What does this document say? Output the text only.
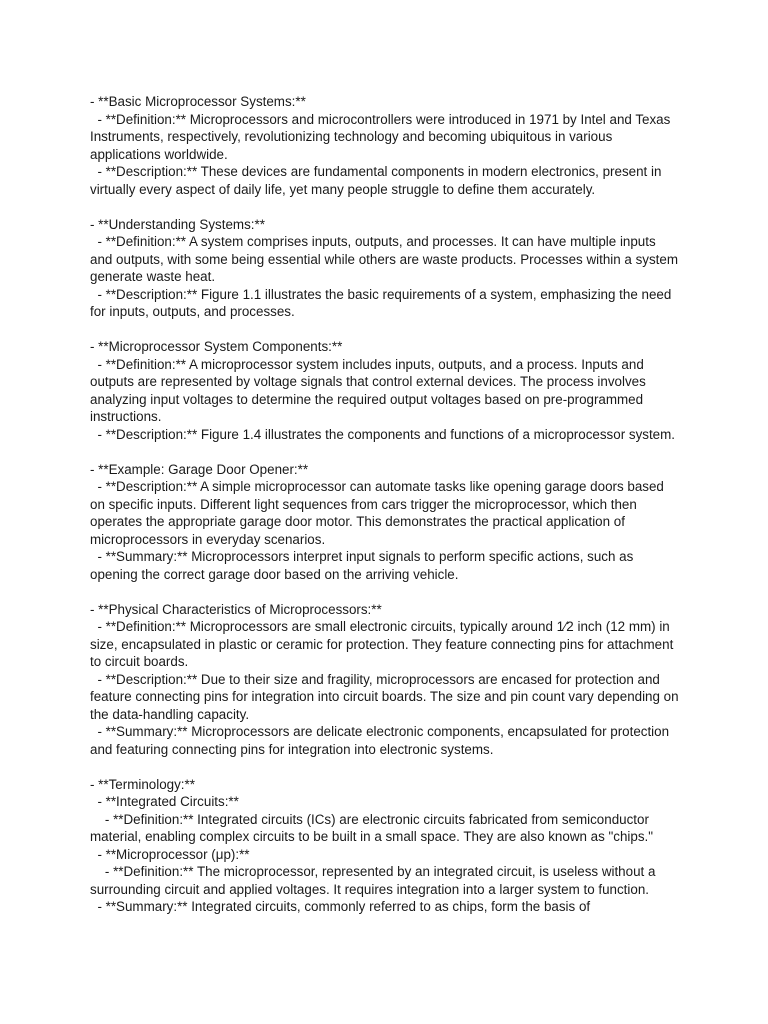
- **Basic Microprocessor Systems:**
- **Definition:** Microprocessors and microcontrollers were introduced in 1971 by Intel and Texas Instruments, respectively, revolutionizing technology and becoming ubiquitous in various applications worldwide.
- **Description:** These devices are fundamental components in modern electronics, present in virtually every aspect of daily life, yet many people struggle to define them accurately.
- **Understanding Systems:**
- **Definition:** A system comprises inputs, outputs, and processes. It can have multiple inputs and outputs, with some being essential while others are waste products. Processes within a system generate waste heat.
- **Description:** Figure 1.1 illustrates the basic requirements of a system, emphasizing the need for inputs, outputs, and processes.
- **Microprocessor System Components:**
- **Definition:** A microprocessor system includes inputs, outputs, and a process. Inputs and outputs are represented by voltage signals that control external devices. The process involves analyzing input voltages to determine the required output voltages based on pre-programmed instructions.
- **Description:** Figure 1.4 illustrates the components and functions of a microprocessor system.
- **Example: Garage Door Opener:**
- **Description:** A simple microprocessor can automate tasks like opening garage doors based on specific inputs. Different light sequences from cars trigger the microprocessor, which then operates the appropriate garage door motor. This demonstrates the practical application of microprocessors in everyday scenarios.
- **Summary:** Microprocessors interpret input signals to perform specific actions, such as opening the correct garage door based on the arriving vehicle.
- **Physical Characteristics of Microprocessors:**
- **Definition:** Microprocessors are small electronic circuits, typically around 1⁄2 inch (12 mm) in size, encapsulated in plastic or ceramic for protection. They feature connecting pins for attachment to circuit boards.
- **Description:** Due to their size and fragility, microprocessors are encased for protection and feature connecting pins for integration into circuit boards. The size and pin count vary depending on the data-handling capacity.
- **Summary:** Microprocessors are delicate electronic components, encapsulated for protection and featuring connecting pins for integration into electronic systems.
- **Terminology:**
- **Integrated Circuits:**
- **Definition:** Integrated circuits (ICs) are electronic circuits fabricated from semiconductor material, enabling complex circuits to be built in a small space. They are also known as "chips."
- **Microprocessor (μp):**
- **Definition:** The microprocessor, represented by an integrated circuit, is useless without a surrounding circuit and applied voltages. It requires integration into a larger system to function.
- **Summary:** Integrated circuits, commonly referred to as chips, form the basis of
